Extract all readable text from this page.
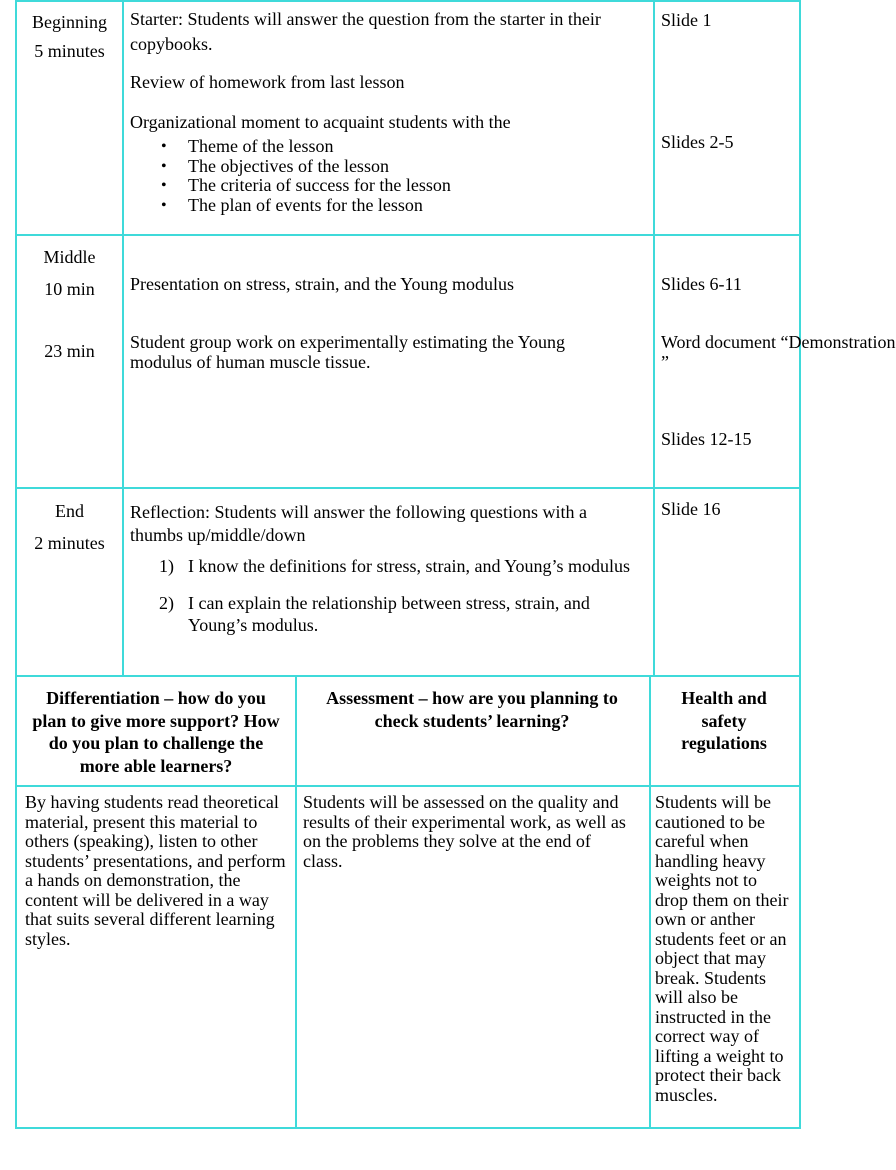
Beginning
5 minutes
Starter: Students will answer the question from the starter in their copybooks.
Review of homework from last lesson
Organizational moment to acquaint students with the
• Theme of the lesson
• The objectives of the lesson
• The criteria of success for the lesson
• The plan of events for the lesson
Slide 1
Slides 2-5
Middle
10 min
23 min
Presentation on stress, strain, and the Young modulus
Student group work on experimentally estimating the Young modulus of human muscle tissue.
Slides 6-11
Word document “Demonstration
”
Slides 12-15
End
2 minutes
Reflection: Students will answer the following questions with a thumbs up/middle/down
1) I know the definitions for stress, strain, and Young’s modulus
2) I can explain the relationship between stress, strain, and Young’s modulus.
Slide 16
Differentiation – how do you plan to give more support? How do you plan to challenge the more able learners?
Assessment – how are you planning to check students’ learning?
Health and safety regulations
By having students read theoretical material, present this material to others (speaking), listen to other students’ presentations, and perform a hands on demonstration, the content will be delivered in a way that suits several different learning styles.
Students will be assessed on the quality and results of their experimental work, as well as on the problems they solve at the end of class.
Students will be cautioned to be careful when handling heavy weights not to drop them on their own or anther students feet or an object that may break. Students will also be instructed in the correct way of lifting a weight to protect their back muscles.
